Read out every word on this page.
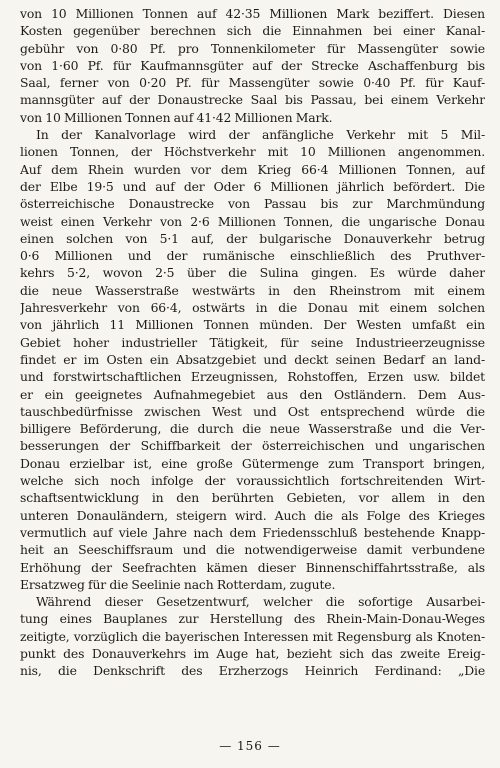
von 10 Millionen Tonnen auf 42·35 Millionen Mark beziffert. Diesen
Kosten gegenüber berechnen sich die Einnahmen bei einer Kanal-
gebühr von 0·80 Pf. pro Tonnenkilometer für Massengüter sowie
von 1·60 Pf. für Kaufmannsgüter auf der Strecke Aschaffenburg bis
Saal, ferner von 0·20 Pf. für Massengüter sowie 0·40 Pf. für Kauf-
mannsgüter auf der Donaustrecke Saal bis Passau, bei einem Verkehr
von 10 Millionen Tonnen auf 41·42 Millionen Mark.
In der Kanalvorlage wird der anfängliche Verkehr mit 5 Mil-
lionen Tonnen, der Höchstverkehr mit 10 Millionen angenommen.
Auf dem Rhein wurden vor dem Krieg 66·4 Millionen Tonnen, auf
der Elbe 19·5 und auf der Oder 6 Millionen jährlich befördert. Die
österreichische Donaustrecke von Passau bis zur Marchmündung
weist einen Verkehr von 2·6 Millionen Tonnen, die ungarische Donau
einen solchen von 5·1 auf, der bulgarische Donauverkehr betrug
0·6 Millionen und der rumänische einschließlich des Pruthver-
kehrs 5·2, wovon 2·5 über die Sulina gingen. Es würde daher
die neue Wasserstraße westwärts in den Rheinstrom mit einem
Jahresverkehr von 66·4, ostwärts in die Donau mit einem solchen
von jährlich 11 Millionen Tonnen münden. Der Westen umfaßt ein
Gebiet hoher industrieller Tätigkeit, für seine Industrieerzeugnisse
findet er im Osten ein Absatzgebiet und deckt seinen Bedarf an land-
und forstwirtschaftlichen Erzeugnissen, Rohstoffen, Erzen usw. bildet
er ein geeignetes Aufnahmegebiet aus den Ostländern. Dem Aus-
tauschbedürfnisse zwischen West und Ost entsprechend würde die
billigere Beförderung, die durch die neue Wasserstraße und die Ver-
besserungen der Schiffbarkeit der österreichischen und ungarischen
Donau erzielbar ist, eine große Gütermenge zum Transport bringen,
welche sich noch infolge der voraussichtlich fortschreitenden Wirt-
schaftsentwicklung in den berührten Gebieten, vor allem in den
unteren Donauländern, steigern wird. Auch die als Folge des Krieges
vermutlich auf viele Jahre nach dem Friedensschluß bestehende Knapp-
heit an Seeschiffsraum und die notwendigerweise damit verbundene
Erhöhung der Seefrachten kämen dieser Binnenschiffahrtsstraße, als
Ersatzweg für die Seelinie nach Rotterdam, zugute.
Während dieser Gesetzentwurf, welcher die sofortige Ausarbei-
tung eines Bauplanes zur Herstellung des Rhein-Main-Donau-Weges
zeitigte, vorzüglich die bayerischen Interessen mit Regensburg als Knoten-
punkt des Donauverkehrs im Auge hat, bezieht sich das zweite Ereig-
nis, die Denkschrift des Erzherzogs Heinrich Ferdinand: „Die
— 156 —
